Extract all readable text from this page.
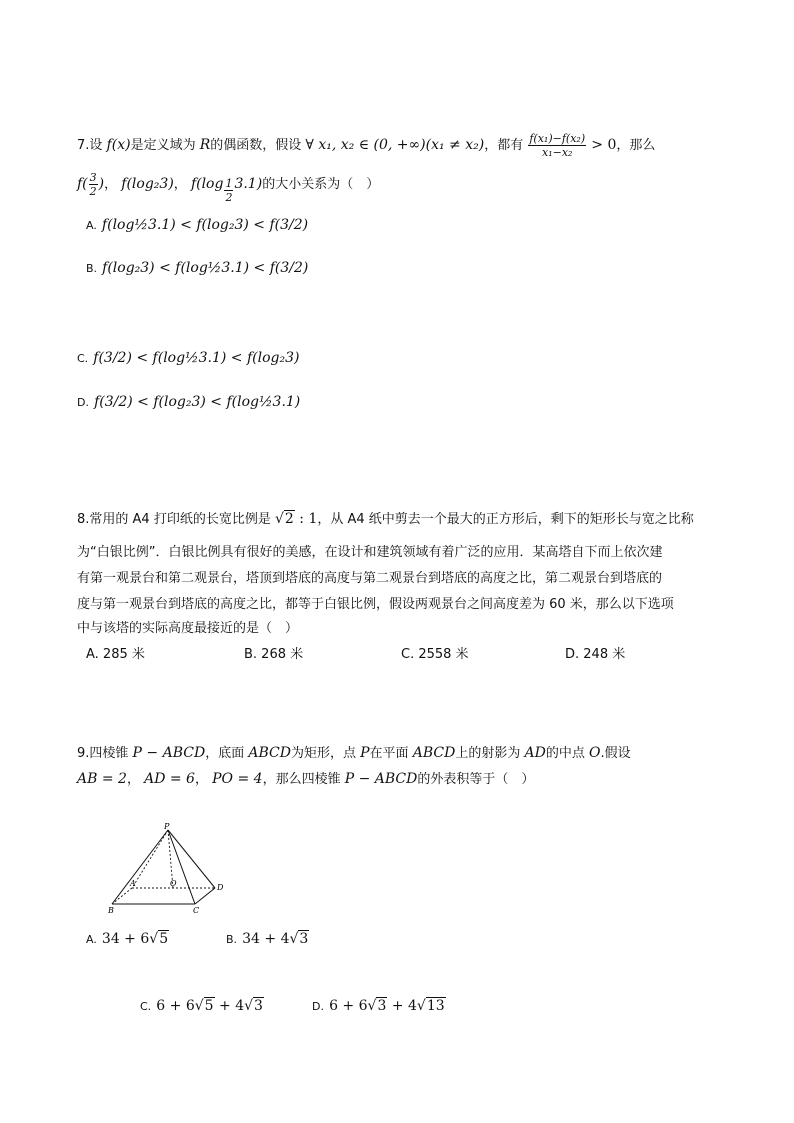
7.设 f(x)是定义域为 R的偶函数，假设 ∀ x₁, x₂ ∈ (0, +∞)(x₁ ≠ x₂)，都有 $\frac{\text{f(x₁)−f(x₂)}}{\text{x₁−x₂}} > 0$，那么
$f( \frac{3}{2}$ )， f(log₂3)， $f(\log \frac{1}{2} 3.1)$的大小关系为（　）
A. f(log½3.1) < f(log₂3) < f(3/2)
B. f(log₂3) < f(log½3.1) < f(3/2)
C. f(3/2) < f(log½3.1) < f(log₂3)
D. f(3/2) < f(log₂3) < f(log½3.1)
8.常用的 A4 打印纸的长宽比例是 √2 : 1，从 A4 纸中剪去一个最大的正方形后，剩下的矩形长与宽之比称
为“白银比例”．白银比例具有很好的美感，在设计和建筑领域有着广泛的应用．某高塔自下而上依次建
有第一观景台和第二观景台，塔顶到塔底的高度与第二观景台到塔底的高度之比，第二观景台到塔底的
度与第一观景台到塔底的高度之比，都等于白银比例，假设两观景台之间高度差为 60 米，那么以下选项
中与该塔的实际高度最接近的是（　）
A. 285 米	B. 268 米	C. 2558 米	D. 248 米
9.四棱锥 P − ABCD，底面 ABCD为矩形，点 P在平面 ABCD上的射影为 AD的中点 O.假设
AB = 2， AD = 6， PO = 4，那么四棱锥 P − ABCD的外表积等于（　）
P
A	O	D
B	C
A. 34 + 6√5	B. 34 + 4√3
C. 6 + 6√5 + 4√3	D. 6 + 6√3 + 4√13
